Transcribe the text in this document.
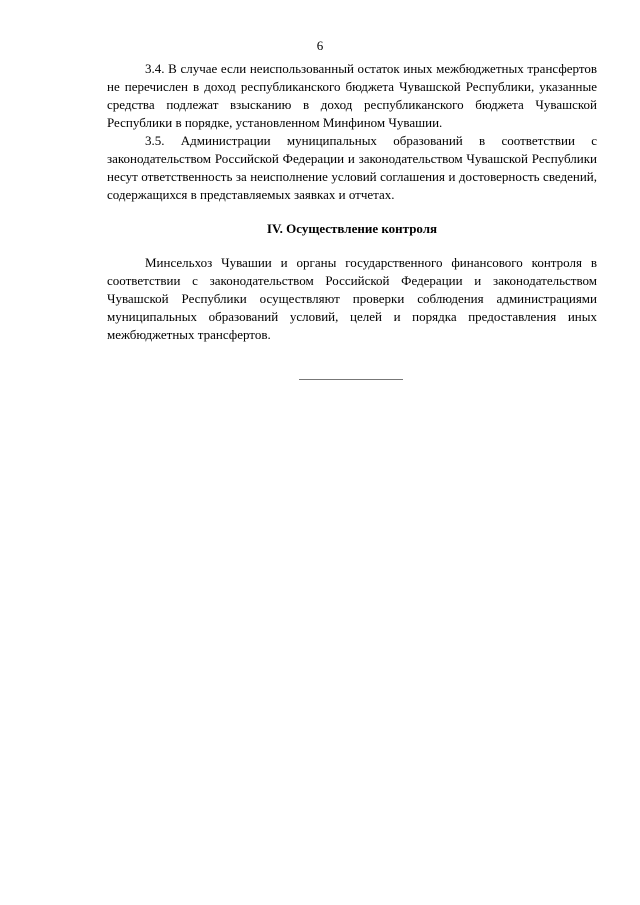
6

3.4. В случае если неиспользованный остаток иных межбюджетных трансфертов не перечислен в доход республиканского бюджета Чувашской Республики, указанные средства подлежат взысканию в доход республиканского бюджета Чувашской Республики в порядке, установленном Минфином Чувашии.

3.5. Администрации муниципальных образований в соответствии с законодательством Российской Федерации и законодательством Чувашской Республики несут ответственность за неисполнение условий соглашения и достоверность сведений, содержащихся в представляемых заявках и отчетах.

IV. Осуществление контроля

Минсельхоз Чувашии и органы государственного финансового контроля в соответствии с законодательством Российской Федерации и законодательством Чувашской Республики осуществляют проверки соблюдения администрациями муниципальных образований условий, целей и порядка предоставления иных межбюджетных трансфертов.
